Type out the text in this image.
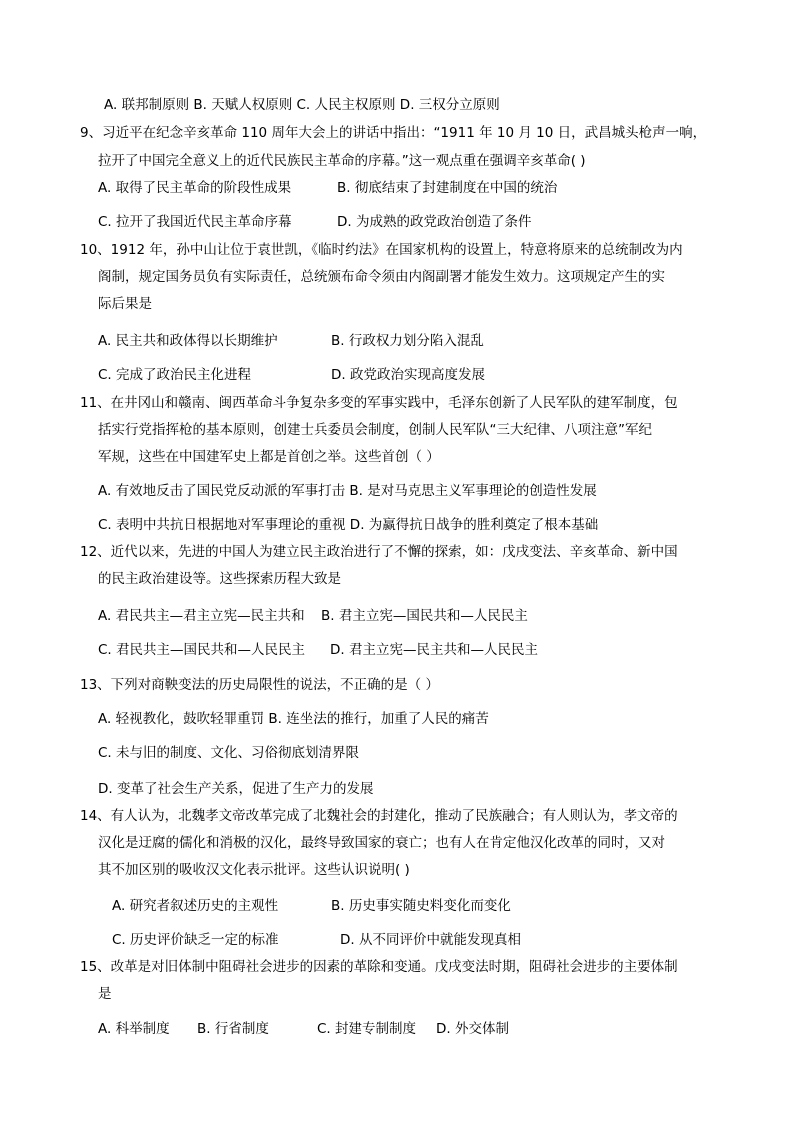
A. 联邦制原则 B. 天赋人权原则 C. 人民主权原则 D. 三权分立原则
9、习近平在纪念辛亥革命 110 周年大会上的讲话中指出：“1911 年 10 月 10 日，武昌城头枪声一响，
拉开了中国完全意义上的近代民族民主革命的序幕。”这一观点重在强调辛亥革命( )
A. 取得了民主革命的阶段性成果	B. 彻底结束了封建制度在中国的统治
C. 拉开了我国近代民主革命序幕	D. 为成熟的政党政治创造了条件
10、1912 年，孙中山让位于袁世凯，《临时约法》在国家机构的设置上，特意将原来的总统制改为内
阁制，规定国务员负有实际责任，总统颁布命令须由内阁副署才能发生效力。这项规定产生的实
际后果是
A. 民主共和政体得以长期维护	B. 行政权力划分陷入混乱
C. 完成了政治民主化进程	D. 政党政治实现高度发展
11、在井冈山和赣南、闽西革命斗争复杂多变的军事实践中，毛泽东创新了人民军队的建军制度，包
括实行党指挥枪的基本原则，创建士兵委员会制度，创制人民军队“三大纪律、八项注意”军纪
军规，这些在中国建军史上都是首创之举。这些首创（ ）
A. 有效地反击了国民党反动派的军事打击 B. 是对马克思主义军事理论的创造性发展
C. 表明中共抗日根据地对军事理论的重视 D. 为赢得抗日战争的胜利奠定了根本基础
12、近代以来，先进的中国人为建立民主政治进行了不懈的探索，如：戊戌变法、辛亥革命、新中国
的民主政治建设等。这些探索历程大致是
A. 君民共主—君主立宪—民主共和 B. 君主立宪—国民共和—人民民主
C. 君民共主—国民共和—人民民主 D. 君主立宪—民主共和—人民民主
13、下列对商鞅变法的历史局限性的说法，不正确的是（ ）
A. 轻视教化，鼓吹轻罪重罚 B. 连坐法的推行，加重了人民的痛苦
C. 未与旧的制度、文化、习俗彻底划清界限
D. 变革了社会生产关系，促进了生产力的发展
14、有人认为，北魏孝文帝改革完成了北魏社会的封建化，推动了民族融合；有人则认为，孝文帝的
汉化是迂腐的儒化和消极的汉化，最终导致国家的衰亡；也有人在肯定他汉化改革的同时，又对
其不加区别的吸收汉文化表示批评。这些认识说明( )
A. 研究者叙述历史的主观性	B. 历史事实随史料变化而变化
C. 历史评价缺乏一定的标准	D. 从不同评价中就能发现真相
15、改革是对旧体制中阻碍社会进步的因素的革除和变通。戊戌变法时期，阻碍社会进步的主要体制
是
A. 科举制度 B. 行省制度	C. 封建专制制度 D. 外交体制
